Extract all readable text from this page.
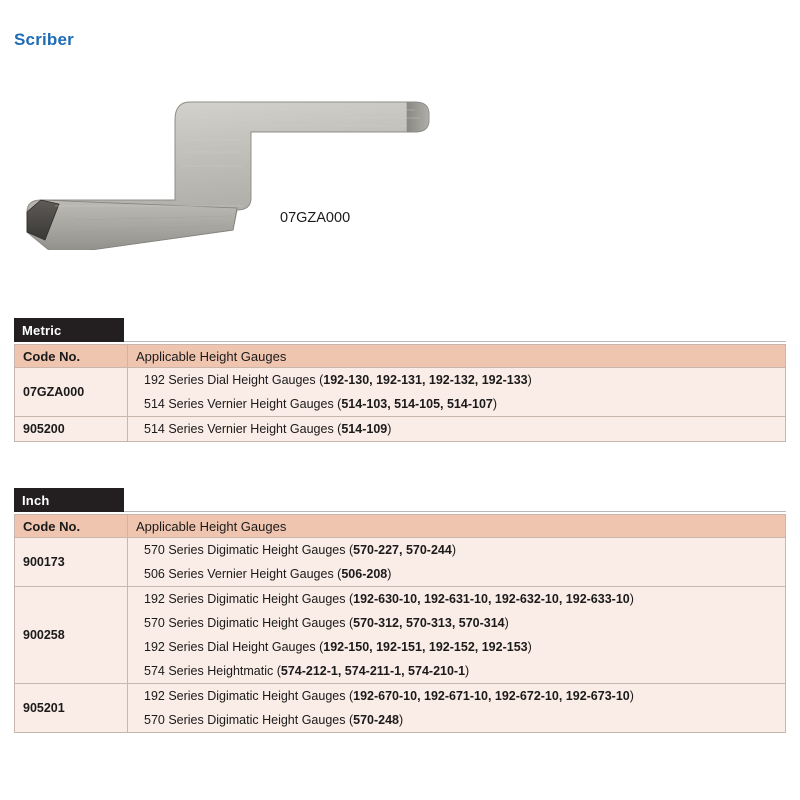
Scriber
07GZA000
Metric
Code No.	Applicable Height Gauges
07GZA000	192 Series Dial Height Gauges (192-130, 192-131, 192-132, 192-133)
514 Series Vernier Height Gauges (514-103, 514-105, 514-107)

905200	514 Series Vernier Height Gauges (514-109)
Inch
Code No.	Applicable Height Gauges
900173	570 Series Digimatic Height Gauges (570-227, 570-244)
506 Series Vernier Height Gauges (506-208)

900258	192 Series Digimatic Height Gauges (192-630-10, 192-631-10, 192-632-10, 192-633-10)
570 Series Digimatic Height Gauges (570-312, 570-313, 570-314)
192 Series Dial Height Gauges (192-150, 192-151, 192-152, 192-153)
574 Series Heightmatic (574-212-1, 574-211-1, 574-210-1)

905201	192 Series Digimatic Height Gauges (192-670-10, 192-671-10, 192-672-10, 192-673-10)
570 Series Digimatic Height Gauges (570-248)
